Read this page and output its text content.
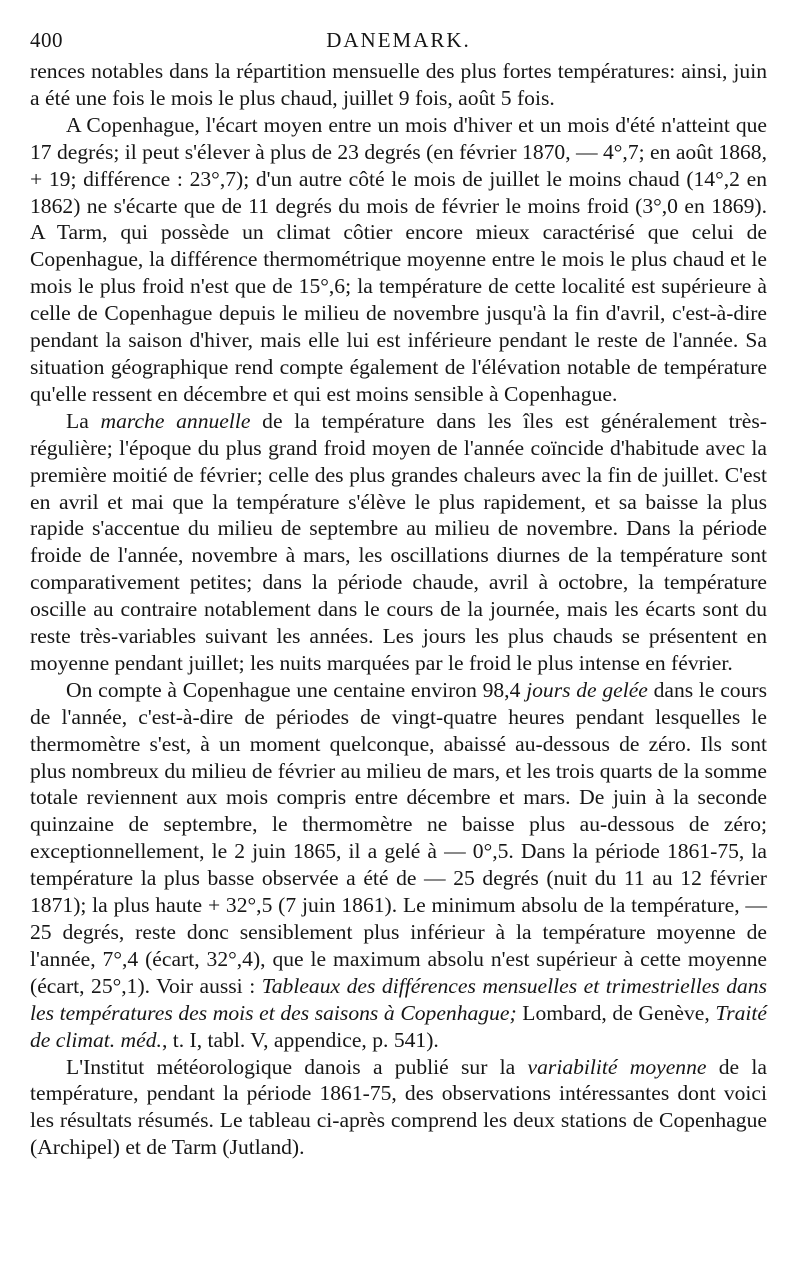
400	DANEMARK.

rences notables dans la répartition mensuelle des plus fortes températures: ainsi, juin a été une fois le mois le plus chaud, juillet 9 fois, août 5 fois.

A Copenhague, l'écart moyen entre un mois d'hiver et un mois d'été n'atteint que 17 degrés; il peut s'élever à plus de 23 degrés (en février 1870, — 4°,7; en août 1868, + 19; différence : 23°,7); d'un autre côté le mois de juillet le moins chaud (14°,2 en 1862) ne s'écarte que de 11 degrés du mois de février le moins froid (3°,0 en 1869). A Tarm, qui possède un climat côtier encore mieux caractérisé que celui de Copenhague, la différence thermométrique moyenne entre le mois le plus chaud et le mois le plus froid n'est que de 15°,6; la température de cette localité est supérieure à celle de Copenhague depuis le milieu de novembre jusqu'à la fin d'avril, c'est-à-dire pendant la saison d'hiver, mais elle lui est inférieure pendant le reste de l'année. Sa situation géographique rend compte également de l'élévation notable de température qu'elle ressent en décembre et qui est moins sensible à Copenhague.

La marche annuelle de la température dans les îles est généralement très-régulière; l'époque du plus grand froid moyen de l'année coïncide d'habitude avec la première moitié de février; celle des plus grandes chaleurs avec la fin de juillet. C'est en avril et mai que la température s'élève le plus rapidement, et sa baisse la plus rapide s'accentue du milieu de septembre au milieu de novembre. Dans la période froide de l'année, novembre à mars, les oscillations diurnes de la température sont comparativement petites; dans la période chaude, avril à octobre, la température oscille au contraire notablement dans le cours de la journée, mais les écarts sont du reste très-variables suivant les années. Les jours les plus chauds se présentent en moyenne pendant juillet; les nuits marquées par le froid le plus intense en février.

On compte à Copenhague une centaine environ 98,4 jours de gelée dans le cours de l'année, c'est-à-dire de périodes de vingt-quatre heures pendant lesquelles le thermomètre s'est, à un moment quelconque, abaissé au-dessous de zéro. Ils sont plus nombreux du milieu de février au milieu de mars, et les trois quarts de la somme totale reviennent aux mois compris entre décembre et mars. De juin à la seconde quinzaine de septembre, le thermomètre ne baisse plus au-dessous de zéro; exceptionnellement, le 2 juin 1865, il a gelé à — 0°,5. Dans la période 1861-75, la température la plus basse observée a été de — 25 degrés (nuit du 11 au 12 février 1871); la plus haute + 32°,5 (7 juin 1861). Le minimum absolu de la température, — 25 degrés, reste donc sensiblement plus inférieur à la température moyenne de l'année, 7°,4 (écart, 32°,4), que le maximum absolu n'est supérieur à cette moyenne (écart, 25°,1). Voir aussi : Tableaux des différences mensuelles et trimestrielles dans les températures des mois et des saisons à Copenhague; Lombard, de Genève, Traité de climat. méd., t. I, tabl. V, appendice, p. 541).

L'Institut météorologique danois a publié sur la variabilité moyenne de la température, pendant la période 1861-75, des observations intéressantes dont voici les résultats résumés. Le tableau ci-après comprend les deux stations de Copenhague (Archipel) et de Tarm (Jutland).
